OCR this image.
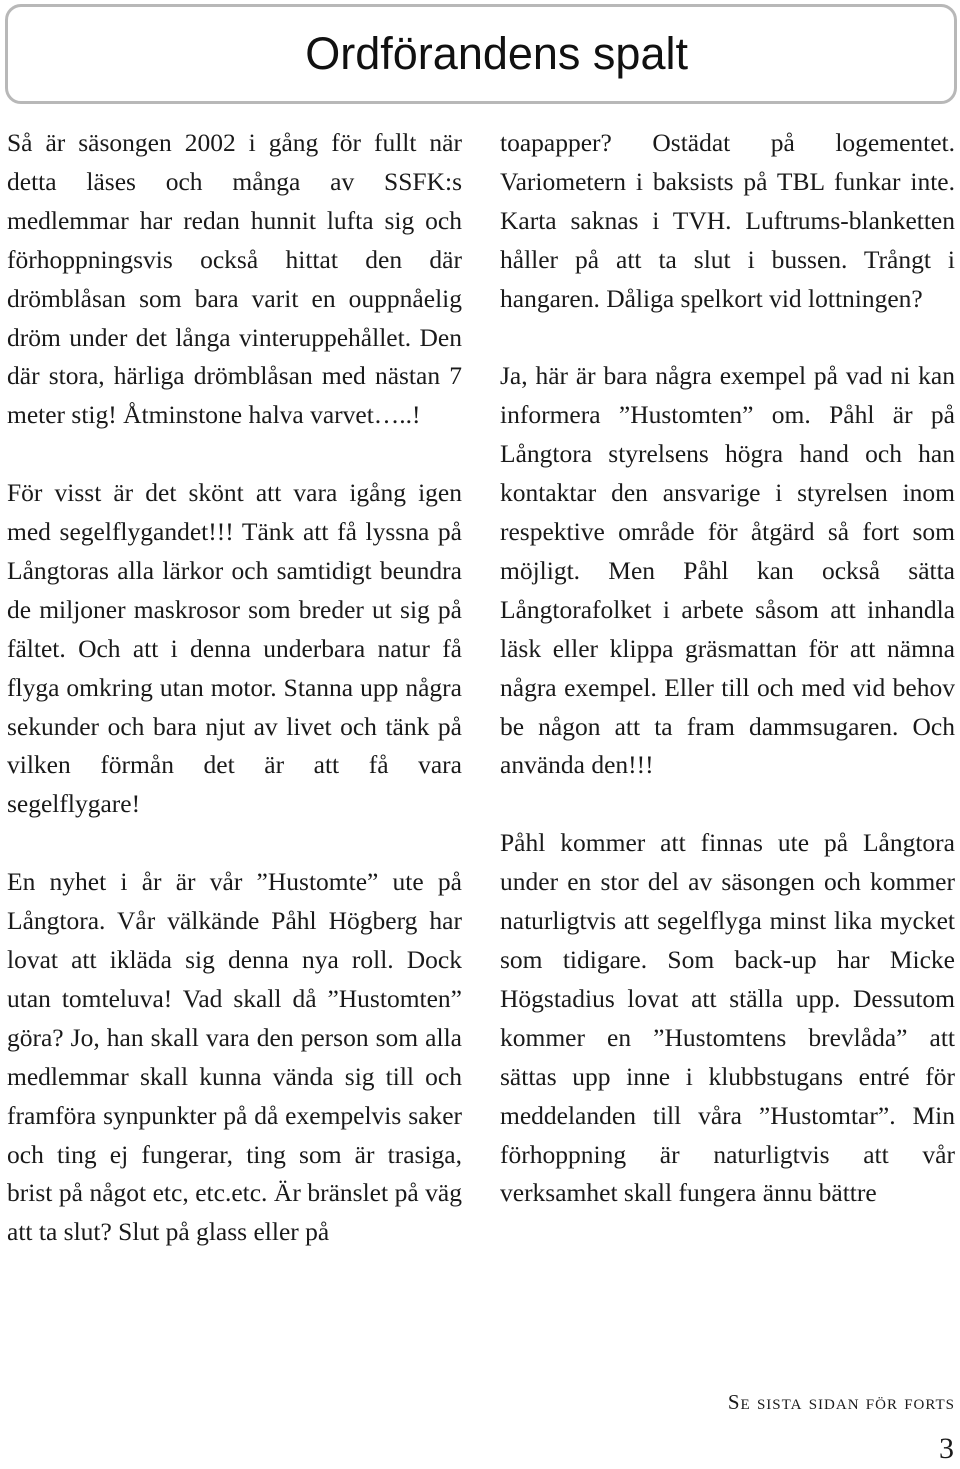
Ordförandens spalt

Så är säsongen 2002 i gång för fullt när detta läses och många av SSFK:s medlemmar har redan hunnit lufta sig och förhoppningsvis också hittat den där drömblåsan som bara varit en ouppnåelig dröm under det långa vinteruppehållet. Den där stora, härliga drömblåsan med nästan 7 meter stig! Åtminstone halva varvet…..!

För visst är det skönt att vara igång igen med segelflygandet!!! Tänk att få lyssna på Långtoras alla lärkor och samtidigt beundra de miljoner maskrosor som breder ut sig på fältet. Och att i denna underbara natur få flyga omkring utan motor. Stanna upp några sekunder och bara njut av livet och tänk på vilken förmån det är att få vara segelflygare!

En nyhet i år är vår ”Hustomte” ute på Långtora. Vår välkände Påhl Högberg har lovat att ikläda sig denna nya roll. Dock utan tomteluva! Vad skall då ”Hustomten” göra? Jo, han skall vara den person som alla medlemmar skall kunna vända sig till och framföra synpunkter på då exempelvis saker och ting ej fungerar, ting som är trasiga, brist på något etc, etc.etc. Är bränslet på väg att ta slut? Slut på glass eller på

toapapper? Ostädat på logementet. Variometern i baksists på TBL funkar inte. Karta saknas i TVH. Luftrums-blanketten håller på att ta slut i bussen. Trångt i hangaren. Dåliga spelkort vid lottningen?

Ja, här är bara några exempel på vad ni kan informera ”Hustomten” om. Påhl är på Långtora styrelsens högra hand och han kontaktar den ansvarige i styrelsen inom respektive område för åtgärd så fort som möjligt. Men Påhl kan också sätta Långtorafolket i arbete såsom att inhandla läsk eller klippa gräsmattan för att nämna några exempel. Eller till och med vid behov be någon att ta fram dammsugaren. Och använda den!!!

Påhl kommer att finnas ute på Långtora under en stor del av säsongen och kommer naturligtvis att segelflyga minst lika mycket som tidigare. Som back-up har Micke Högstadius lovat att ställa upp. Dessutom kommer en ”Hustomtens brevlåda” att sättas upp inne i klubbstugans entré för meddelanden till våra ”Hustomtar”. Min förhoppning är naturligtvis att vår verksamhet skall fungera ännu bättre

Se sista sidan för forts
3
